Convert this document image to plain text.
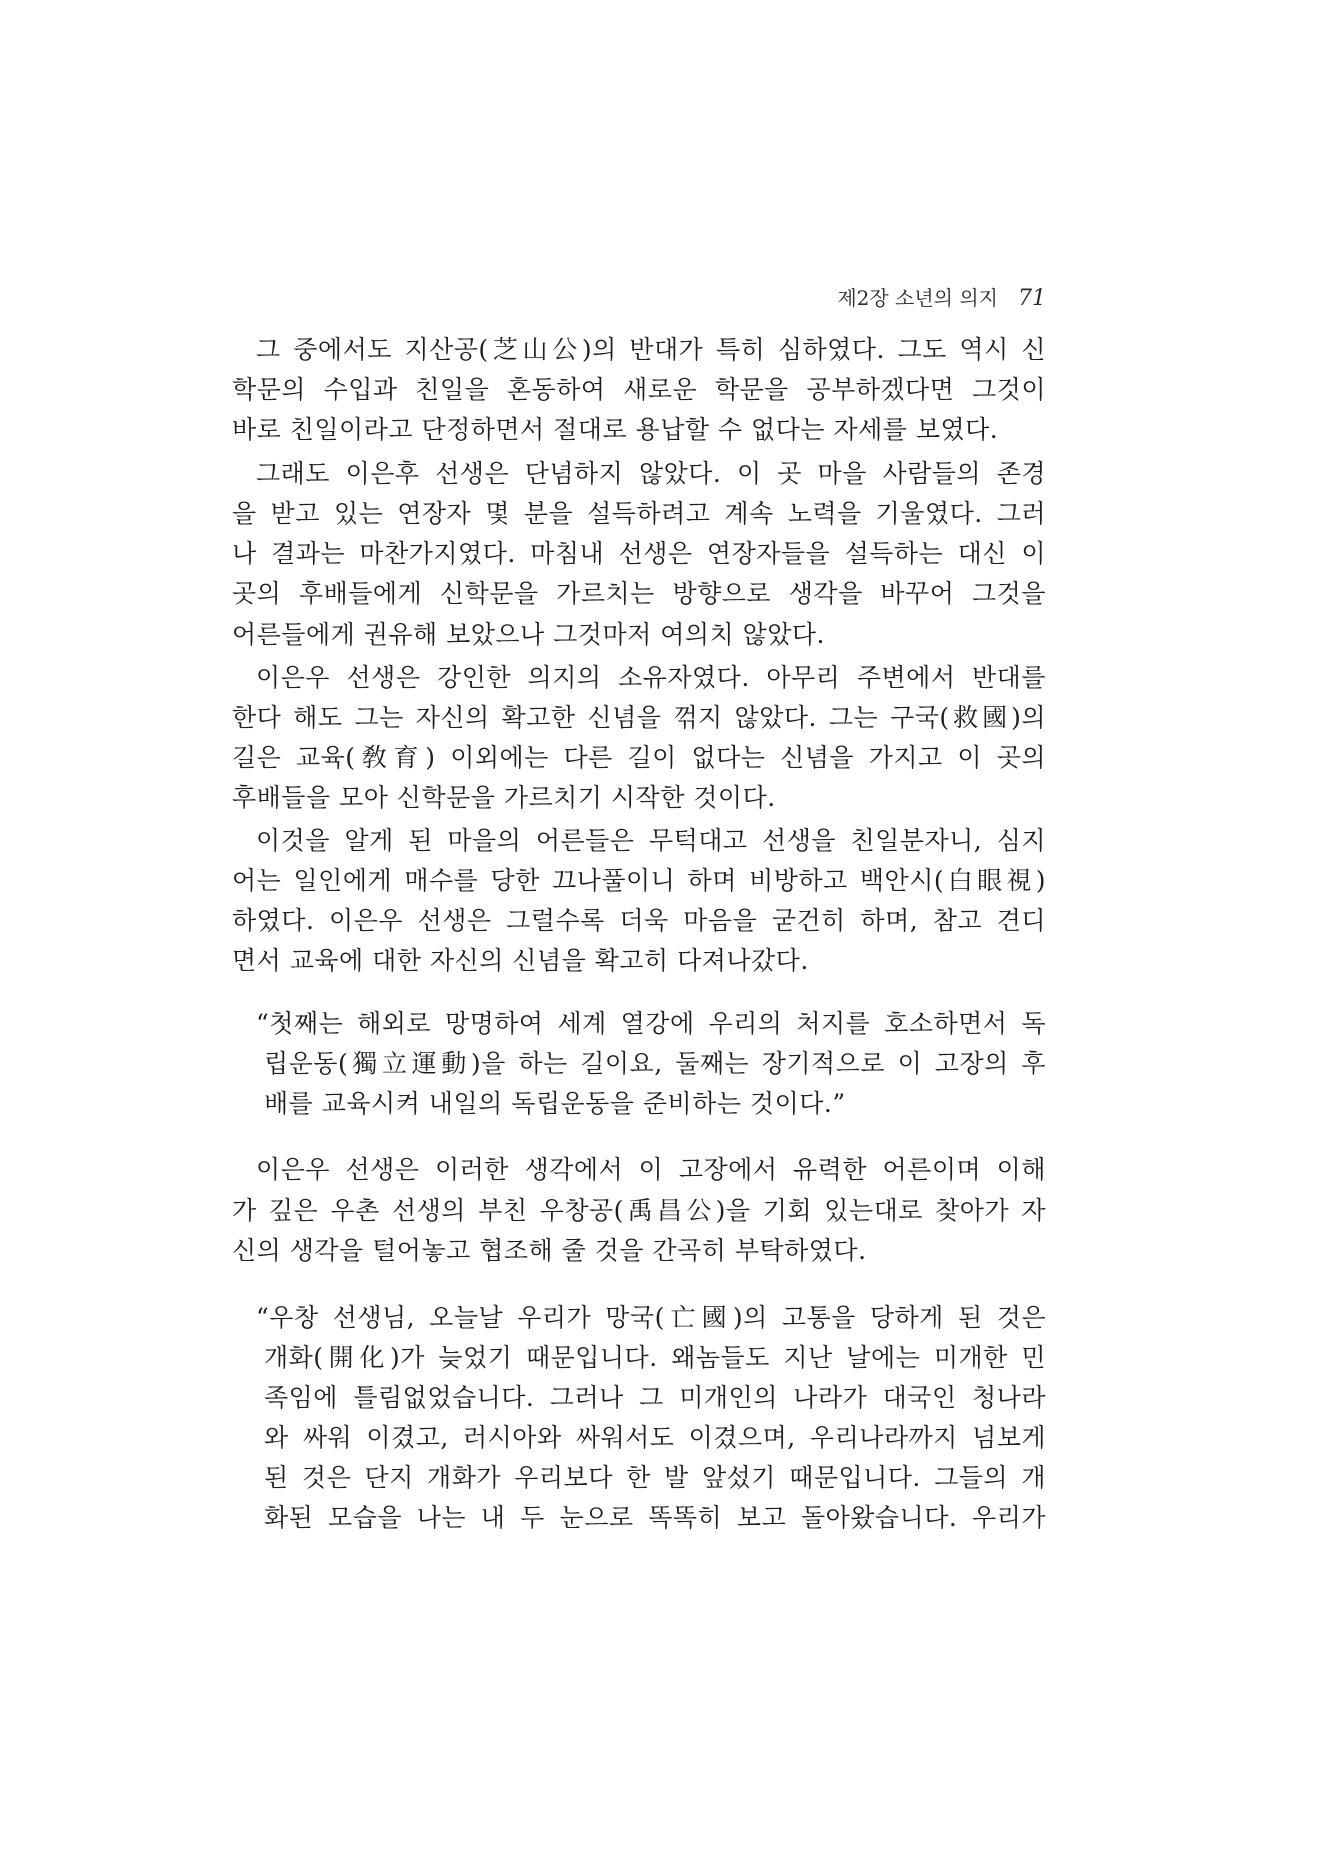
제2장 소년의 의지 71
그 중에서도 지산공(芝山公)의 반대가 특히 심하였다. 그도 역시 신
학문의 수입과 친일을 혼동하여 새로운 학문을 공부하겠다면 그것이
바로 친일이라고 단정하면서 절대로 용납할 수 없다는 자세를 보였다.
그래도 이은후 선생은 단념하지 않았다. 이 곳 마을 사람들의 존경
을 받고 있는 연장자 몇 분을 설득하려고 계속 노력을 기울였다. 그러
나 결과는 마찬가지였다. 마침내 선생은 연장자들을 설득하는 대신 이
곳의 후배들에게 신학문을 가르치는 방향으로 생각을 바꾸어 그것을
어른들에게 권유해 보았으나 그것마저 여의치 않았다.
이은우 선생은 강인한 의지의 소유자였다. 아무리 주변에서 반대를
한다 해도 그는 자신의 확고한 신념을 꺾지 않았다. 그는 구국(救國)의
길은 교육(敎育) 이외에는 다른 길이 없다는 신념을 가지고 이 곳의
후배들을 모아 신학문을 가르치기 시작한 것이다.
이것을 알게 된 마을의 어른들은 무턱대고 선생을 친일분자니, 심지
어는 일인에게 매수를 당한 끄나풀이니 하며 비방하고 백안시(白眼視)
하였다. 이은우 선생은 그럴수록 더욱 마음을 굳건히 하며, 참고 견디
면서 교육에 대한 자신의 신념을 확고히 다져나갔다.
“첫째는 해외로 망명하여 세계 열강에 우리의 처지를 호소하면서 독
립운동(獨立運動)을 하는 길이요, 둘째는 장기적으로 이 고장의 후
배를 교육시켜 내일의 독립운동을 준비하는 것이다.”
이은우 선생은 이러한 생각에서 이 고장에서 유력한 어른이며 이해
가 깊은 우촌 선생의 부친 우창공(禹昌公)을 기회 있는대로 찾아가 자
신의 생각을 털어놓고 협조해 줄 것을 간곡히 부탁하였다.
“우창 선생님, 오늘날 우리가 망국(亡國)의 고통을 당하게 된 것은
개화(開化)가 늦었기 때문입니다. 왜놈들도 지난 날에는 미개한 민
족임에 틀림없었습니다. 그러나 그 미개인의 나라가 대국인 청나라
와 싸워 이겼고, 러시아와 싸워서도 이겼으며, 우리나라까지 넘보게
된 것은 단지 개화가 우리보다 한 발 앞섰기 때문입니다. 그들의 개
화된 모습을 나는 내 두 눈으로 똑똑히 보고 돌아왔습니다. 우리가
